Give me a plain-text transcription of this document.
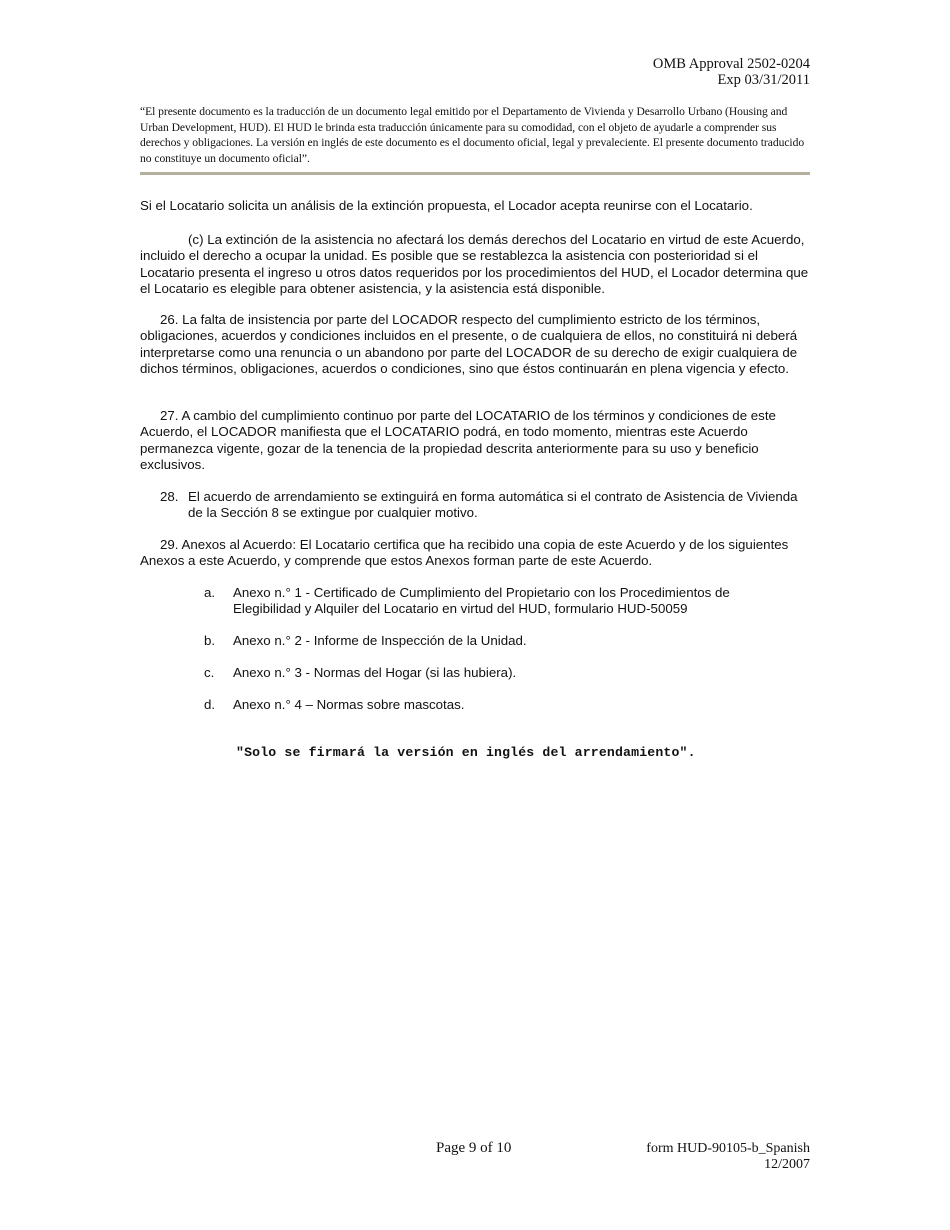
OMB Approval 2502-0204
Exp 03/31/2011
“El presente documento es la traducción de un documento legal emitido por el Departamento de Vivienda y Desarrollo Urbano (Housing and Urban Development, HUD). El HUD le brinda esta traducción únicamente para su comodidad, con el objeto de ayudarle a comprender sus derechos y obligaciones. La versión en inglés de este documento es el documento oficial, legal y prevaleciente. El presente documento traducido no constituye un documento oficial”.
Si el Locatario solicita un análisis de la extinción propuesta, el Locador acepta reunirse con el Locatario.
(c) La extinción de la asistencia no afectará los demás derechos del Locatario en virtud de este Acuerdo, incluido el derecho a ocupar la unidad. Es posible que se restablezca la asistencia con posterioridad si el Locatario presenta el ingreso u otros datos requeridos por los procedimientos del HUD, el Locador determina que el Locatario es elegible para obtener asistencia, y la asistencia está disponible.
26. La falta de insistencia por parte del LOCADOR respecto del cumplimiento estricto de los términos, obligaciones, acuerdos y condiciones incluidos en el presente, o de cualquiera de ellos, no constituirá ni deberá interpretarse como una renuncia o un abandono por parte del LOCADOR de su derecho de exigir cualquiera de dichos términos, obligaciones, acuerdos o condiciones, sino que éstos continuarán en plena vigencia y efecto.
27. A cambio del cumplimiento continuo por parte del LOCATARIO de los términos y condiciones de este Acuerdo, el LOCADOR manifiesta que el LOCATARIO podrá, en todo momento, mientras este Acuerdo permanezca vigente, gozar de la tenencia de la propiedad descrita anteriormente para su uso y beneficio exclusivos.
28. El acuerdo de arrendamiento se extinguirá en forma automática si el contrato de Asistencia de Vivienda de la Sección 8 se extingue por cualquier motivo.
29. Anexos al Acuerdo: El Locatario certifica que ha recibido una copia de este Acuerdo y de los siguientes Anexos a este Acuerdo, y comprende que estos Anexos forman parte de este Acuerdo.
a.	Anexo n.° 1 - Certificado de Cumplimiento del Propietario con los Procedimientos de Elegibilidad y Alquiler del Locatario en virtud del HUD, formulario HUD-50059
b.	Anexo n.° 2 - Informe de Inspección de la Unidad.
c.	Anexo n.° 3 - Normas del Hogar (si las hubiera).
d.	Anexo n.° 4 – Normas sobre mascotas.
"Solo se firmará la versión en inglés del arrendamiento".
Page 9 of 10	form HUD-90105-b_Spanish
12/2007
